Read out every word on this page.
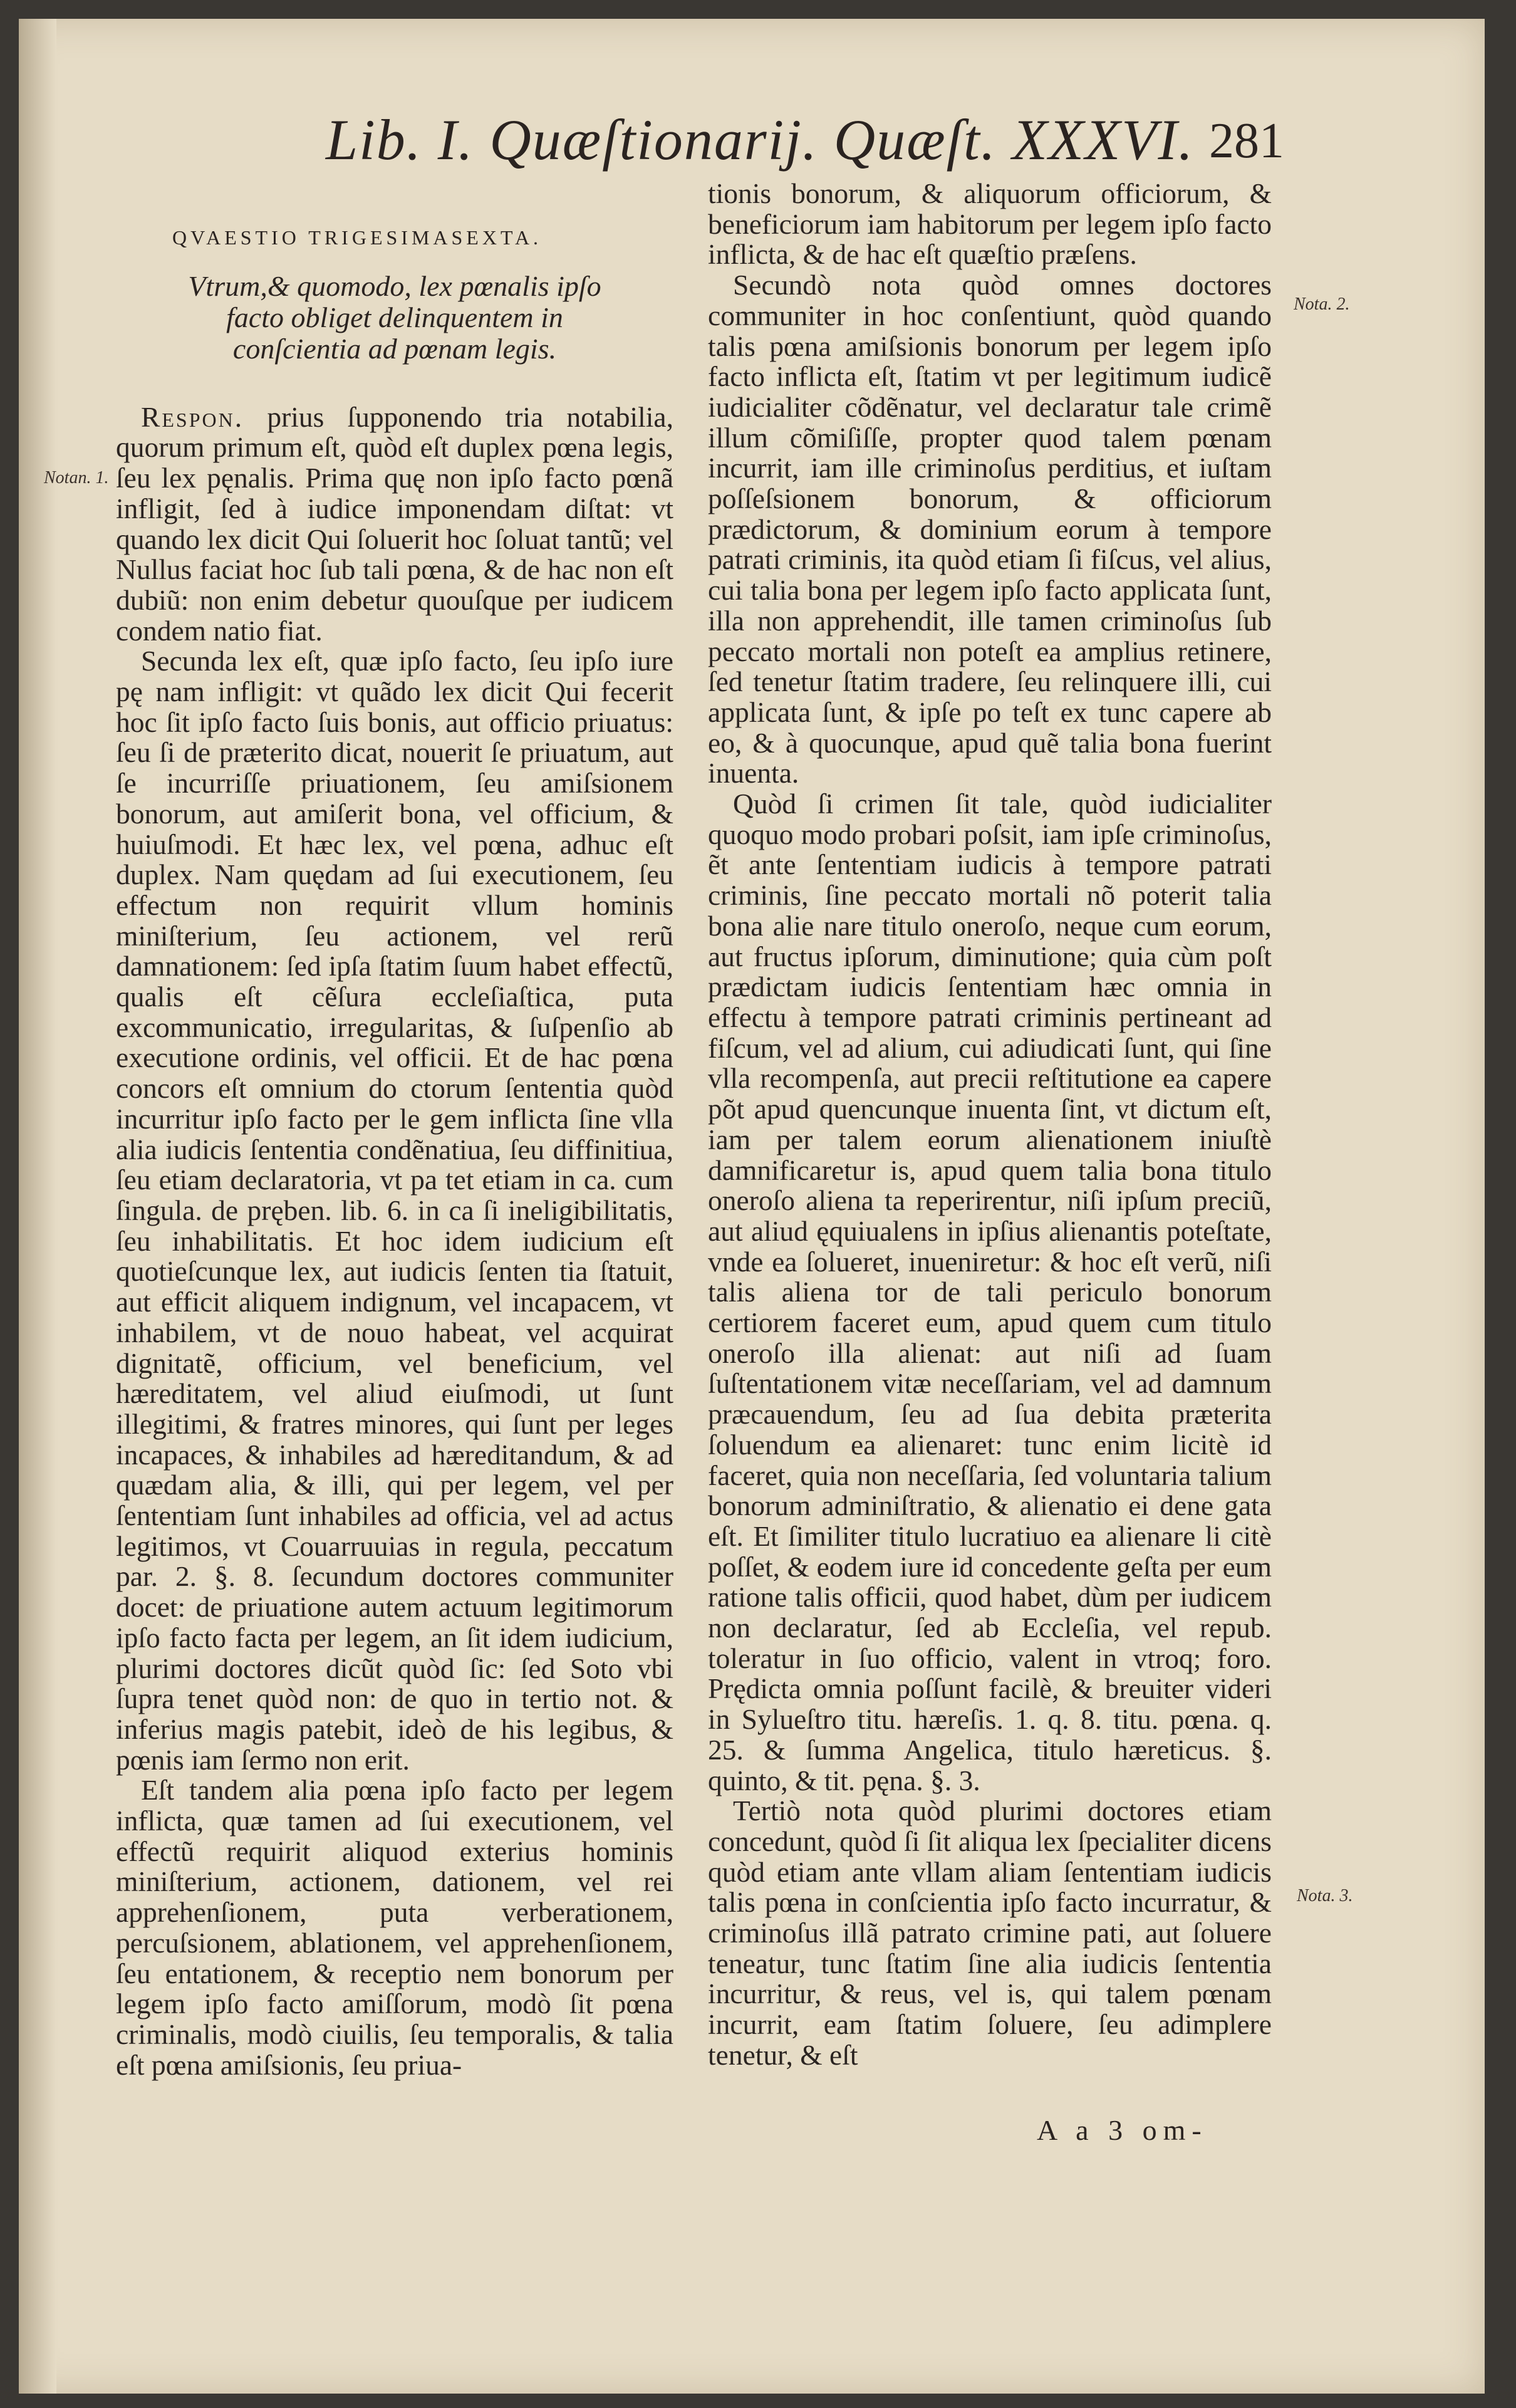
Lib. I. Quæſtionarij. Quæſt. XXXVI. 281

QVAESTIO TRIGESIMASEXTA.

Vtrum,& quomodo, lex pœnalis ipſo facto obliget delinquentem in conſcientia ad pœnam legis.

Respon. prius ſupponendo tria notabilia, quorum primum eſt, quòd eſt duplex pœna legis, ſeu lex pęnalis. Prima quę non ipſo facto pœnã infligit, ſed à iudice imponendam diſtat: vt quando lex dicit Qui ſoluerit hoc ſoluat tantũ; vel Nullus faciat hoc ſub tali pœna, & de hac non eſt dubiũ: non enim debetur quouſque per iudicem condem natio fiat.

Secunda lex eſt, quæ ipſo facto, ſeu ipſo iure pę nam infligit: vt quãdo lex dicit Qui fecerit hoc ſit ipſo facto ſuis bonis, aut officio priuatus: ſeu ſi de præterito dicat, nouerit ſe priuatum, aut ſe incurriſſe priuationem, ſeu amiſsionem bonorum, aut amiſerit bona, vel officium, & huiuſmodi. Et hæc lex, vel pœna, adhuc eſt duplex. Nam quędam ad ſui executionem, ſeu effectum non requirit vllum hominis miniſterium, ſeu actionem, vel rerũ damnationem: ſed ipſa ſtatim ſuum habet effectũ, qualis eſt cẽſura eccleſiaſtica, puta excommunicatio, irregularitas, & ſuſpenſio ab executione ordinis, vel officii. Et de hac pœna concors eſt omnium do ctorum ſententia quòd incurritur ipſo facto per le gem inflicta ſine vlla alia iudicis ſententia condẽnatiua, ſeu diffinitiua, ſeu etiam declaratoria, vt pa tet etiam in ca. cum ſingula. de pręben. lib. 6. in ca ſi ineligibilitatis, ſeu inhabilitatis. Et hoc idem iudicium eſt quotieſcunque lex, aut iudicis ſenten tia ſtatuit, aut efficit aliquem indignum, vel incapacem, vt inhabilem, vt de nouo habeat, vel acquirat dignitatẽ, officium, vel beneficium, vel hæreditatem, vel aliud eiuſmodi, ut ſunt illegitimi, & fratres minores, qui ſunt per leges incapaces, & inhabiles ad hæreditandum, & ad quædam alia, & illi, qui per legem, vel per ſententiam ſunt inhabiles ad officia, vel ad actus legitimos, vt Couarruuias in regula, peccatum par. 2. §. 8. ſecundum doctores communiter docet: de priuatione autem actuum legitimorum ipſo facto facta per legem, an ſit idem iudicium, plurimi doctores dicũt quòd ſic: ſed Soto vbi ſupra tenet quòd non: de quo in tertio not. & inferius magis patebit, ideò de his legibus, & pœnis iam ſermo non erit.

Eſt tandem alia pœna ipſo facto per legem inflicta, quæ tamen ad ſui executionem, vel effectũ requirit aliquod exterius hominis miniſterium, actionem, dationem, vel rei apprehenſionem, puta verberationem, percuſsionem, ablationem, vel apprehenſionem, ſeu entationem, & receptio nem bonorum per legem ipſo facto amiſſorum, modò ſit pœna criminalis, modò ciuilis, ſeu temporalis, & talia eſt pœna amiſsionis, ſeu priua-

tionis bonorum, & aliquorum officiorum, & beneficiorum iam habitorum per legem ipſo facto inflicta, & de hac eſt quæſtio præſens.

Secundò nota quòd omnes doctores communiter in hoc conſentiunt, quòd quando talis pœna amiſsionis bonorum per legem ipſo facto inflicta eſt, ſtatim vt per legitimum iudicẽ iudicialiter cõdẽnatur, vel declaratur tale crimẽ illum cõmiſiſſe, propter quod talem pœnam incurrit, iam ille criminoſus perditius, et iuſtam poſſeſsionem bonorum, & officiorum prædictorum, & dominium eorum à tempore patrati criminis, ita quòd etiam ſi fiſcus, vel alius, cui talia bona per legem ipſo facto applicata ſunt, illa non apprehendit, ille tamen criminoſus ſub peccato mortali non poteſt ea amplius retinere, ſed tenetur ſtatim tradere, ſeu relinquere illi, cui applicata ſunt, & ipſe po teſt ex tunc capere ab eo, & à quocunque, apud quẽ talia bona fuerint inuenta.

Quòd ſi crimen ſit tale, quòd iudicialiter quoquo modo probari poſsit, iam ipſe criminoſus, ẽt ante ſententiam iudicis à tempore patrati criminis, ſine peccato mortali nõ poterit talia bona alie nare titulo oneroſo, neque cum eorum, aut fructus ipſorum, diminutione; quia cùm poſt prædictam iudicis ſententiam hæc omnia in effectu à tempore patrati criminis pertineant ad fiſcum, vel ad alium, cui adiudicati ſunt, qui ſine vlla recompenſa, aut precii reſtitutione ea capere põt apud quencunque inuenta ſint, vt dictum eſt, iam per talem eorum alienationem iniuſtè damnificaretur is, apud quem talia bona titulo oneroſo aliena ta reperirentur, niſi ipſum preciũ, aut aliud ęquiualens in ipſius alienantis poteſtate, vnde ea ſolueret, inueniretur: & hoc eſt verũ, niſi talis aliena tor de tali periculo bonorum certiorem faceret eum, apud quem cum titulo oneroſo illa alienat: aut niſi ad ſuam ſuſtentationem vitæ neceſſariam, vel ad damnum præcauendum, ſeu ad ſua debita præterita ſoluendum ea alienaret: tunc enim licitè id faceret, quia non neceſſaria, ſed voluntaria talium bonorum adminiſtratio, & alienatio ei dene gata eſt. Et ſimiliter titulo lucratiuo ea alienare li citè poſſet, & eodem iure id concedente geſta per eum ratione talis officii, quod habet, dùm per iudicem non declaratur, ſed ab Eccleſia, vel repub. toleratur in ſuo officio, valent in vtroq; foro. Prędicta omnia poſſunt facilè, & breuiter videri in Sylueſtro titu. hæreſis. 1. q. 8. titu. pœna. q. 25. & ſumma Angelica, titulo hæreticus. §. quinto, & tit. pęna. §. 3.

Tertiò nota quòd plurimi doctores etiam concedunt, quòd ſi ſit aliqua lex ſpecialiter dicens quòd etiam ante vllam aliam ſententiam iudicis talis pœna in conſcientia ipſo facto incurratur, & criminoſus illã patrato crimine pati, aut ſoluere teneatur, tunc ſtatim ſine alia iudicis ſententia incurritur, & reus, vel is, qui talem pœnam incurrit, eam ſtatim ſoluere, ſeu adimplere tenetur, & eſt

Notan. 1.
Nota. 2.
Nota. 3.
A a 3 om-
